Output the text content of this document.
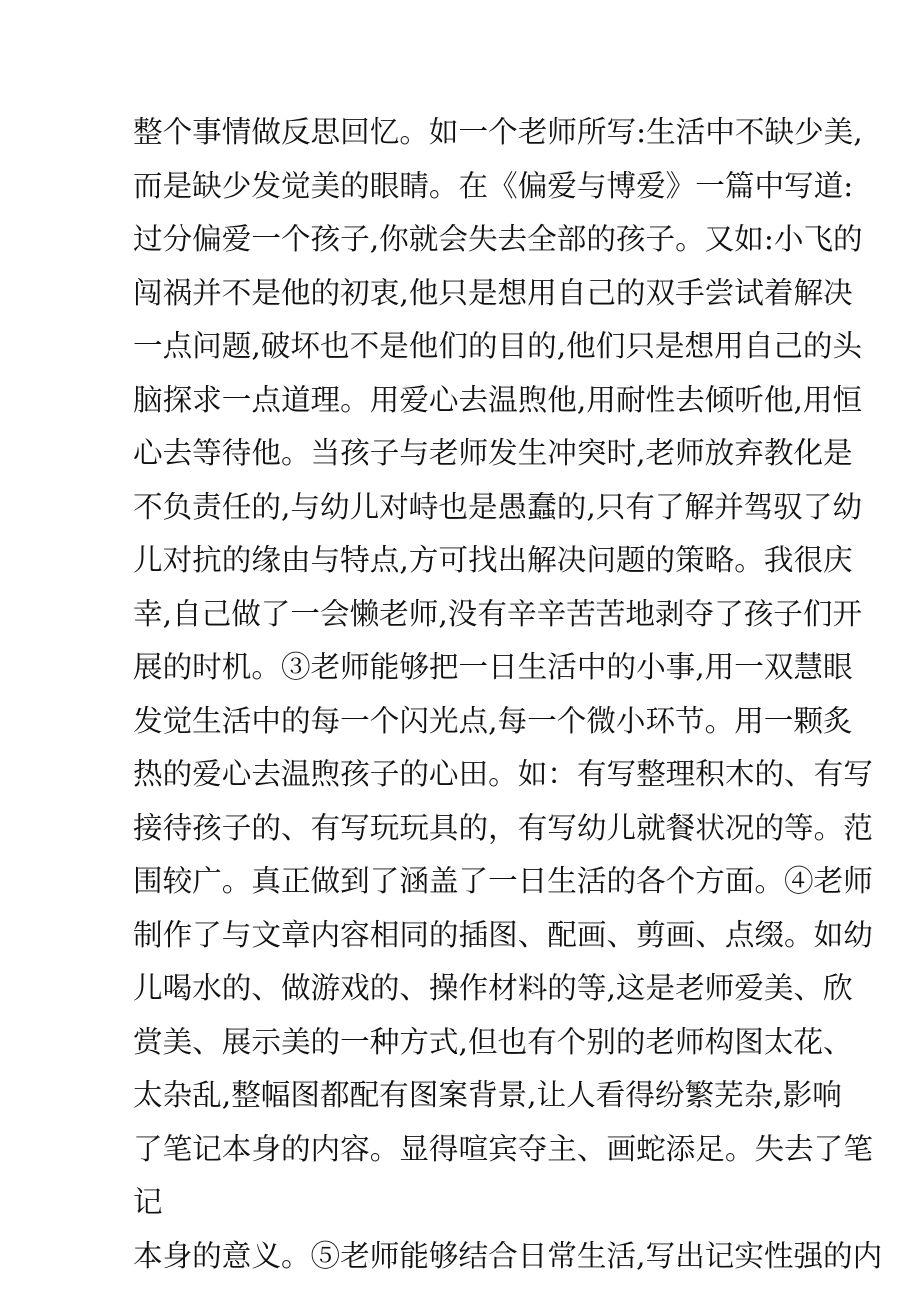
整个事情做反思回忆。如一个老师所写:生活中不缺少美,
而是缺少发觉美的眼睛。在《偏爱与博爱》一篇中写道:
过分偏爱一个孩子,你就会失去全部的孩子。又如:小飞的
闯祸并不是他的初衷,他只是想用自己的双手尝试着解决
一点问题,破坏也不是他们的目的,他们只是想用自己的头
脑探求一点道理。用爱心去温煦他,用耐性去倾听他,用恒
心去等待他。当孩子与老师发生冲突时,老师放弃教化是
不负责任的,与幼儿对峙也是愚蠢的,只有了解并驾驭了幼
儿对抗的缘由与特点,方可找出解决问题的策略。我很庆
幸,自己做了一会懒老师,没有辛辛苦苦地剥夺了孩子们开
展的时机。③老师能够把一日生活中的小事,用一双慧眼
发觉生活中的每一个闪光点,每一个微小环节。用一颗炙
热的爱心去温煦孩子的心田。如：有写整理积木的、有写
接待孩子的、有写玩玩具的，有写幼儿就餐状况的等。范
围较广。真正做到了涵盖了一日生活的各个方面。④老师
制作了与文章内容相同的插图、配画、剪画、点缀。如幼
儿喝水的、做游戏的、操作材料的等,这是老师爱美、欣
赏美、展示美的一种方式,但也有个别的老师构图太花、
太杂乱,整幅图都配有图案背景,让人看得纷繁芜杂,影响
了笔记本身的内容。显得喧宾夺主、画蛇添足。失去了笔
记
本身的意义。⑤老师能够结合日常生活,写出记实性强的内
